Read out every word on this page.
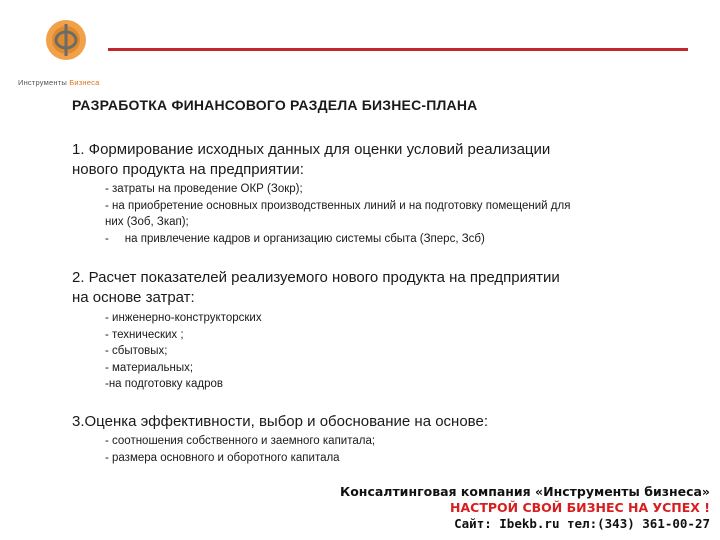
Инструменты Бизнеса
РАЗРАБОТКА ФИНАНСОВОГО РАЗДЕЛА БИЗНЕС-ПЛАНА
1. Формирование исходных данных для оценки условий реализации
нового продукта на предприятии:
- затраты на проведение ОКР (Зокр);
- на приобретение основных производственных линий и на подготовку помещений для
них (Зоб, Зкап);
-     на привлечение кадров и организацию системы сбыта (Зперс, Зсб)
2. Расчет показателей реализуемого нового продукта на предприятии
на основе затрат:
- инженерно-конструкторских
- технических ;
- сбытовых;
- материальных;
-на подготовку кадров
3.Оценка эффективности, выбор и обоснование на основе:
- соотношения собственного и заемного капитала;
- размера основного и оборотного капитала
Консалтинговая компания «Инструменты бизнеса»
НАСТРОЙ СВОЙ БИЗНЕС НА УСПЕХ !
Сайт: Ibekb.ru тел:(343) 361-00-27
